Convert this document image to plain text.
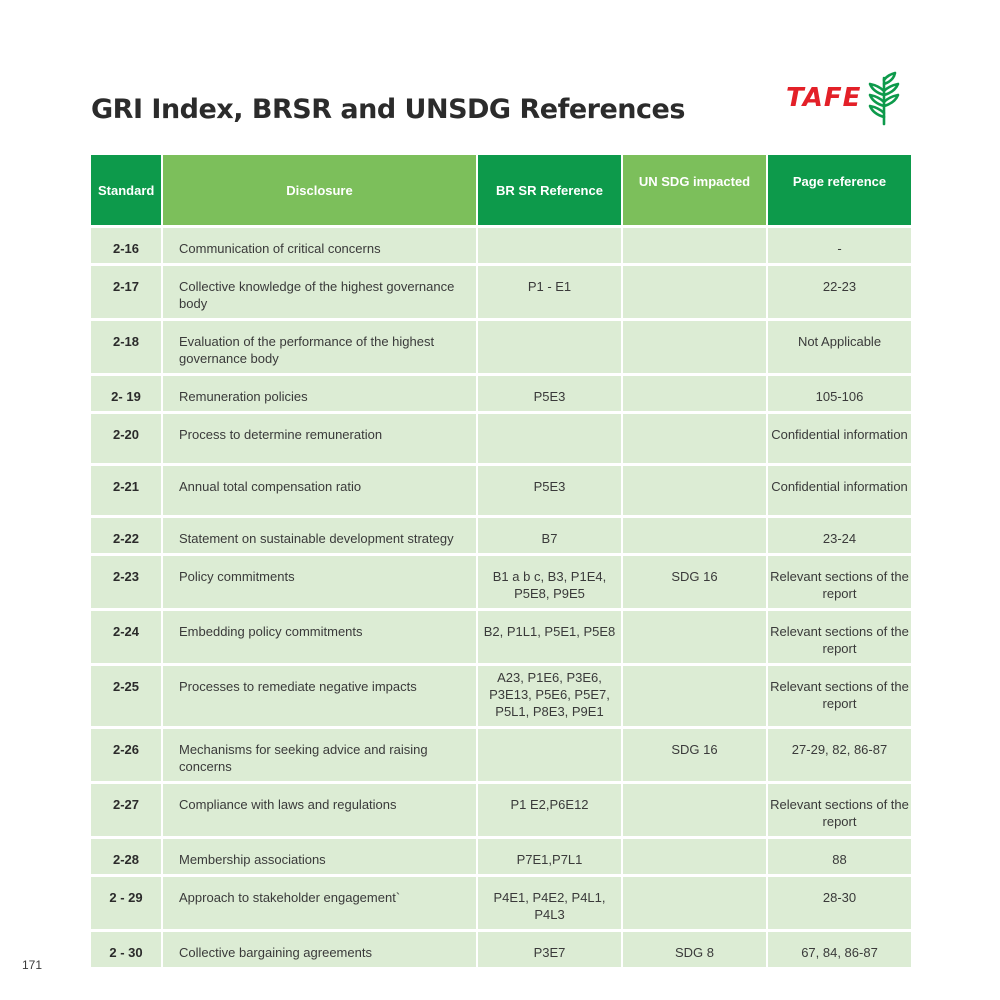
GRI Index, BRSR and UNSDG References	TAFE
Standard	Disclosure	BR SR Reference	UN SDG impacted	Page reference

2-16	Communication of critical concerns			-

2-17	Collective knowledge of the highest governance body	P1 - E1		22-23

2-18	Evaluation of the performance of the highest governance body			Not Applicable

2- 19	Remuneration policies	P5E3		105-106

2-20	Process to determine remuneration			Confidential information

2-21	Annual total compensation ratio	P5E3		Confidential information

2-22	Statement on sustainable development strategy	B7		23-24

2-23	Policy commitments	B1 a b c, B3, P1E4, P5E8, P9E5	SDG 16	Relevant sections of the report

2-24	Embedding policy commitments	B2, P1L1, P5E1, P5E8		Relevant sections of the report

2-25	Processes to remediate negative impacts	A23, P1E6, P3E6, P3E13, P5E6, P5E7, P5L1, P8E3, P9E1		Relevant sections of the report

2-26	Mechanisms for seeking advice and raising concerns		SDG 16	27-29, 82, 86-87

2-27	Compliance with laws and regulations	P1 E2,P6E12		Relevant sections of the report

2-28	Membership associations	P7E1,P7L1		88

2 - 29	Approach to stakeholder engagement`	P4E1, P4E2, P4L1, P4L3		28-30

2 - 30	Collective bargaining agreements	P3E7	SDG 8	67, 84, 86-87
171
